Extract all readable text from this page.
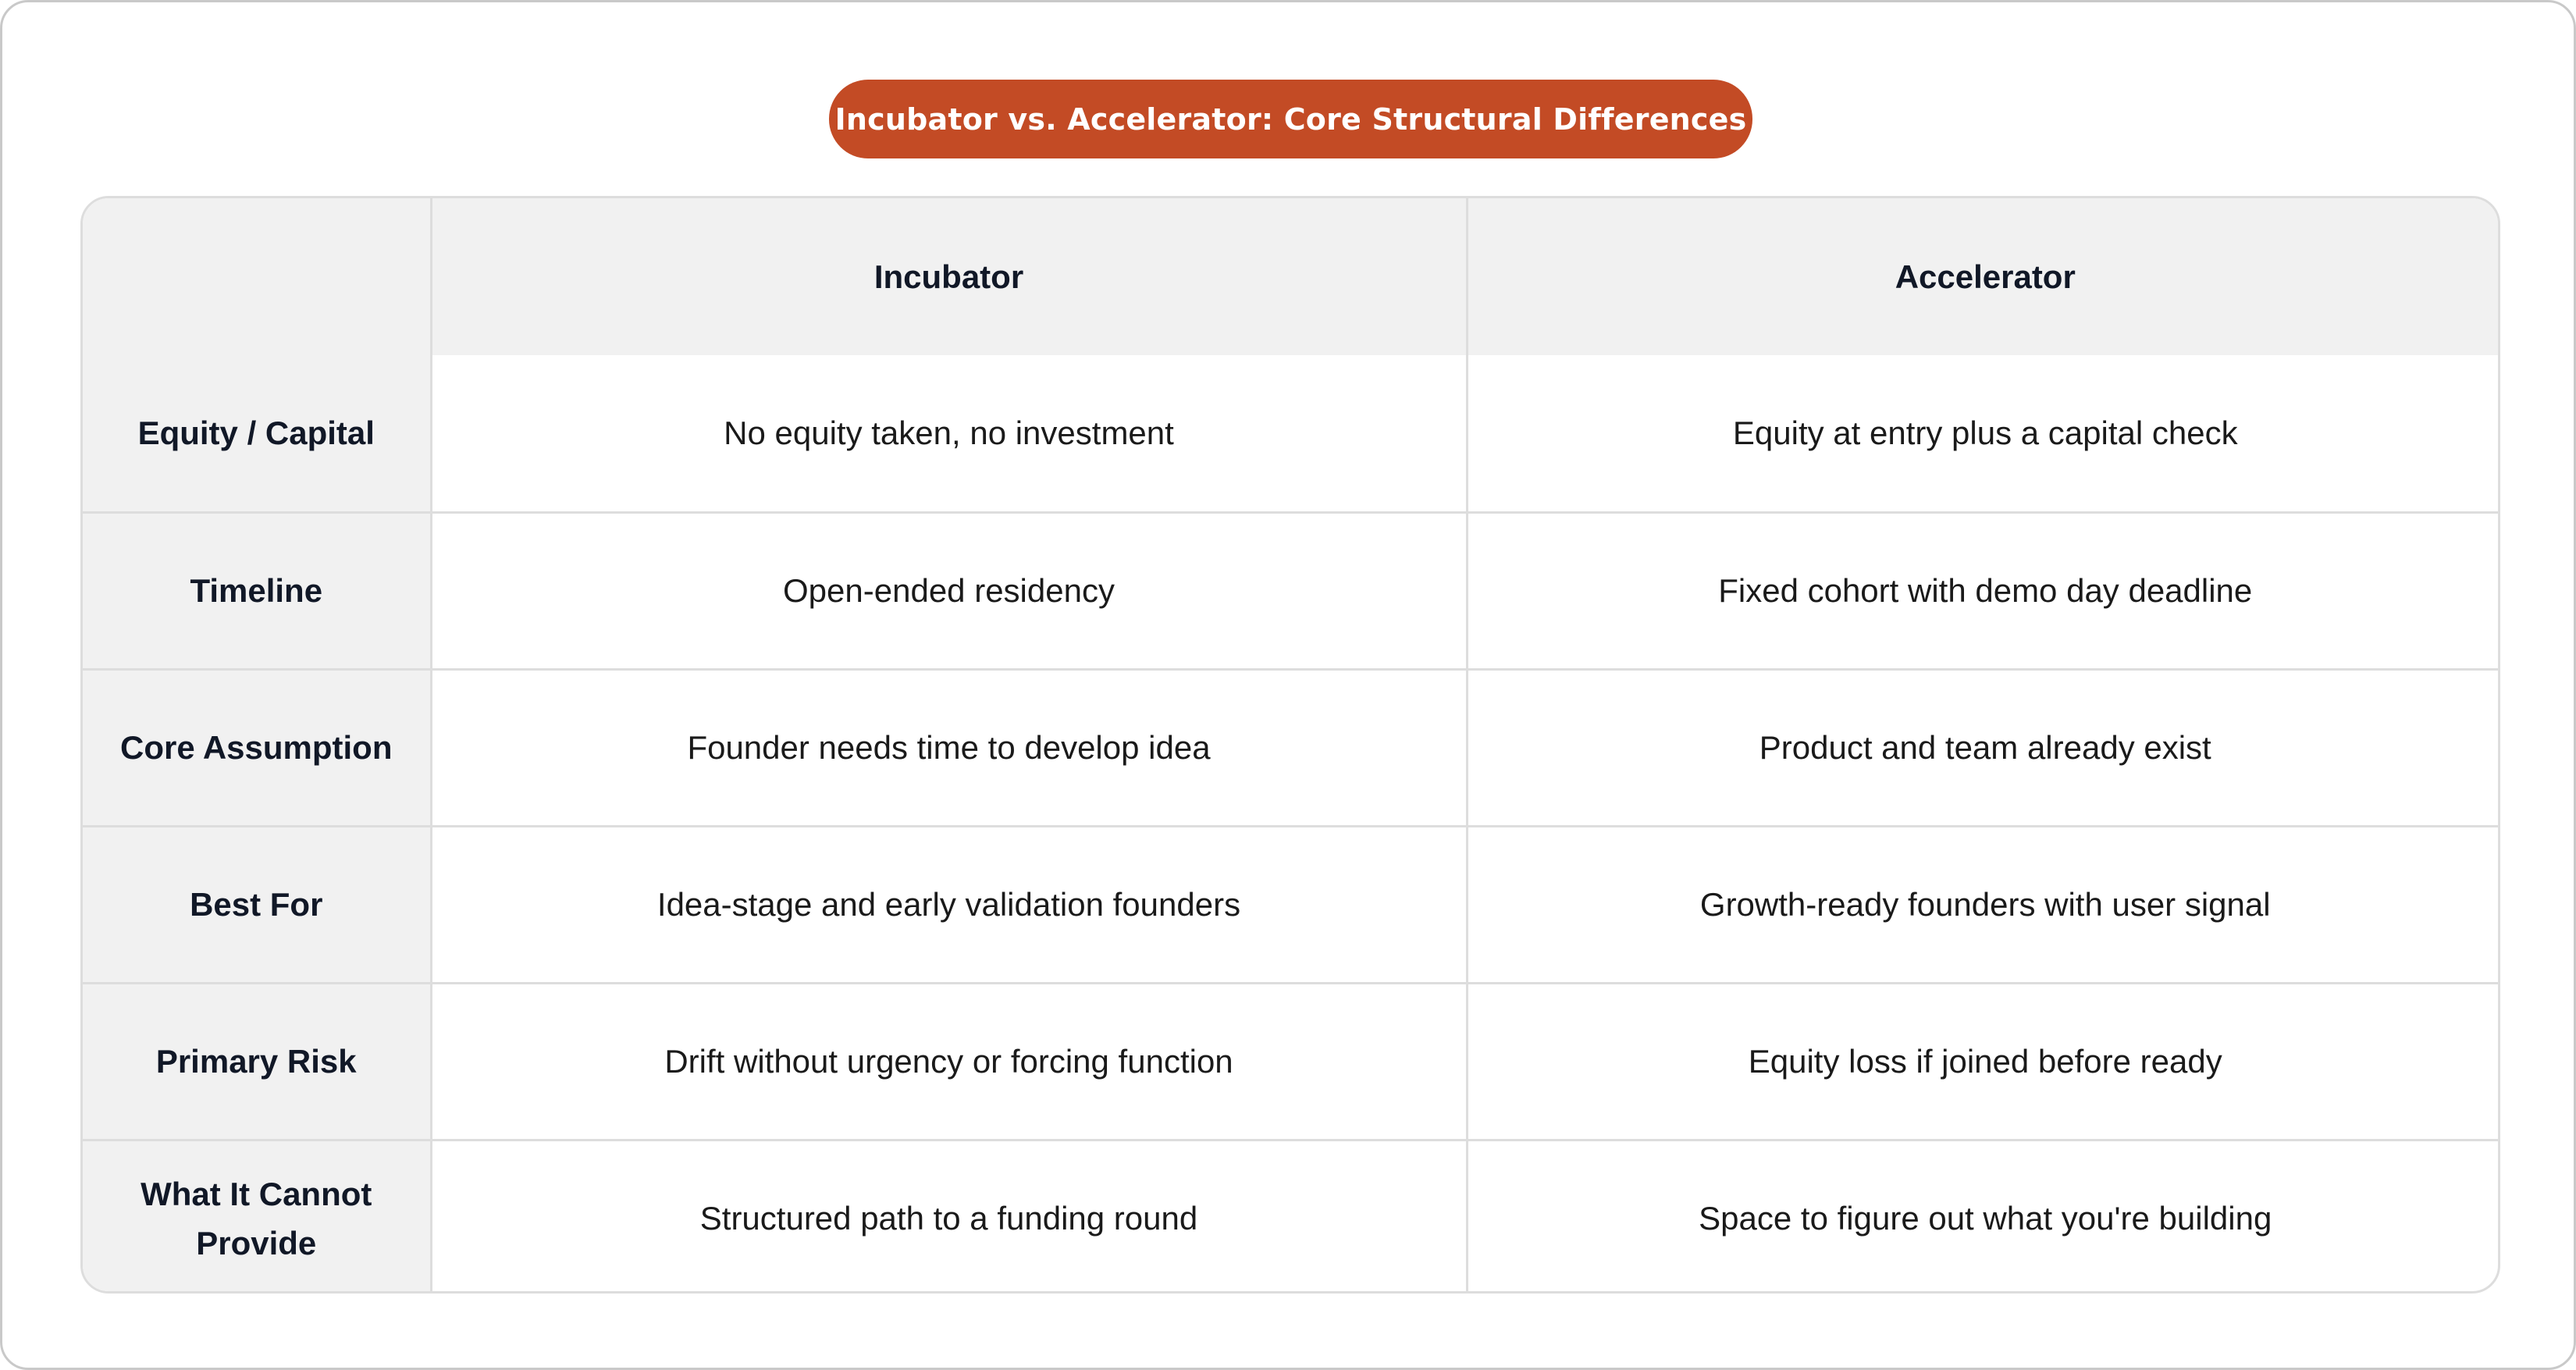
Incubator vs. Accelerator: Core Structural Differences
	Incubator	Accelerator
Equity / Capital	No equity taken, no investment	Equity at entry plus a capital check
Timeline	Open-ended residency	Fixed cohort with demo day deadline
Core Assumption	Founder needs time to develop idea	Product and team already exist
Best For	Idea-stage and early validation founders	Growth-ready founders with user signal
Primary Risk	Drift without urgency or forcing function	Equity loss if joined before ready
What It Cannot Provide	Structured path to a funding round	Space to figure out what you're building
